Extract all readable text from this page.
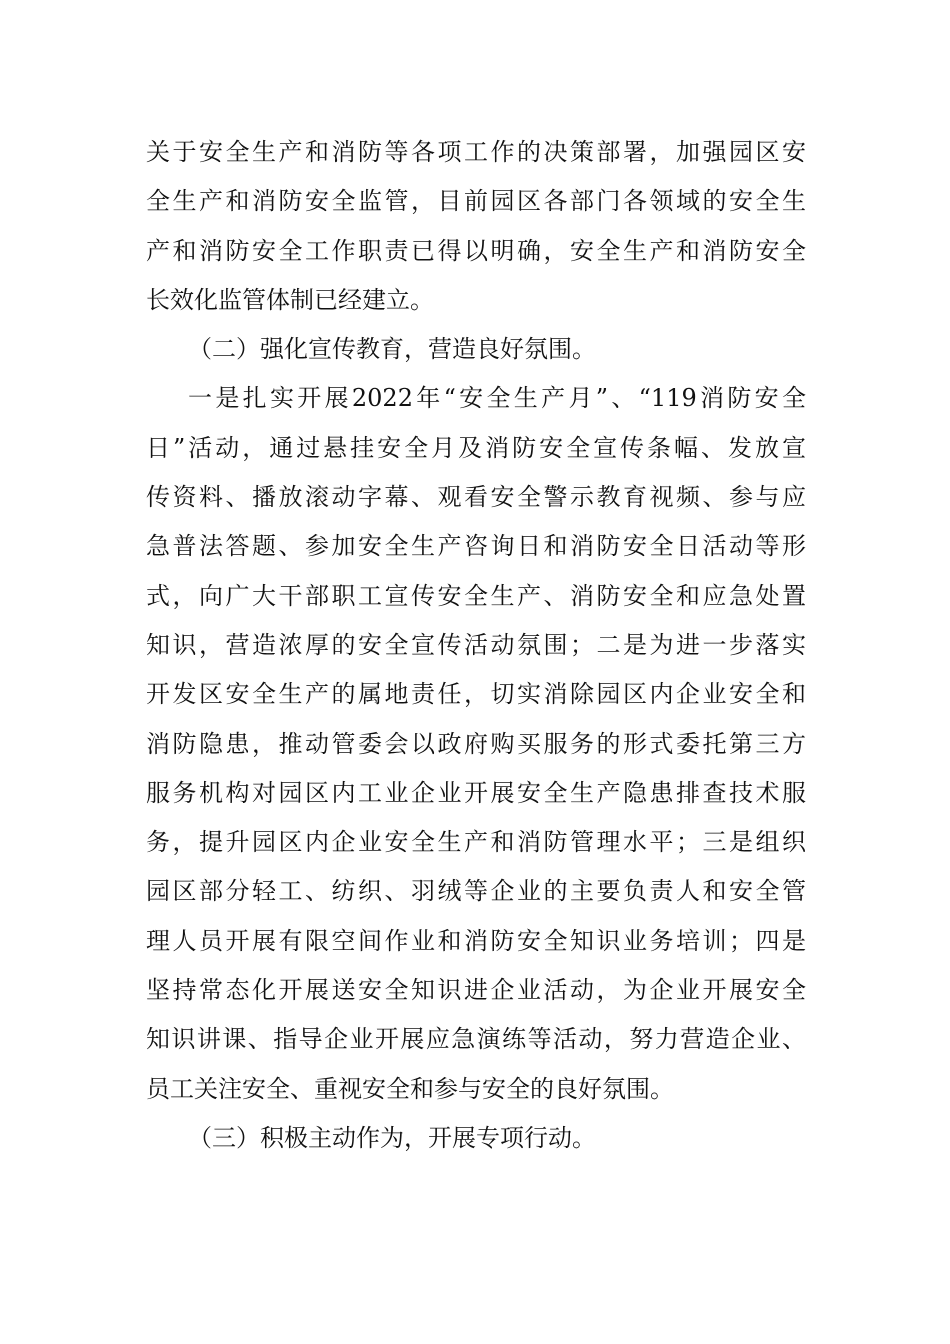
关于安全生产和消防等各项工作的决策部署，加强园区安
全生产和消防安全监管，目前园区各部门各领域的安全生
产和消防安全工作职责已得以明确，安全生产和消防安全
长效化监管体制已经建立。
（二）强化宣传教育，营造良好氛围。
一是扎实开展2022年“安全生产月”、“119消防安全
日”活动，通过悬挂安全月及消防安全宣传条幅、发放宣
传资料、播放滚动字幕、观看安全警示教育视频、参与应
急普法答题、参加安全生产咨询日和消防安全日活动等形
式，向广大干部职工宣传安全生产、消防安全和应急处置
知识，营造浓厚的安全宣传活动氛围；二是为进一步落实
开发区安全生产的属地责任，切实消除园区内企业安全和
消防隐患，推动管委会以政府购买服务的形式委托第三方
服务机构对园区内工业企业开展安全生产隐患排查技术服
务，提升园区内企业安全生产和消防管理水平；三是组织
园区部分轻工、纺织、羽绒等企业的主要负责人和安全管
理人员开展有限空间作业和消防安全知识业务培训；四是
坚持常态化开展送安全知识进企业活动，为企业开展安全
知识讲课、指导企业开展应急演练等活动，努力营造企业、
员工关注安全、重视安全和参与安全的良好氛围。
（三）积极主动作为，开展专项行动。
